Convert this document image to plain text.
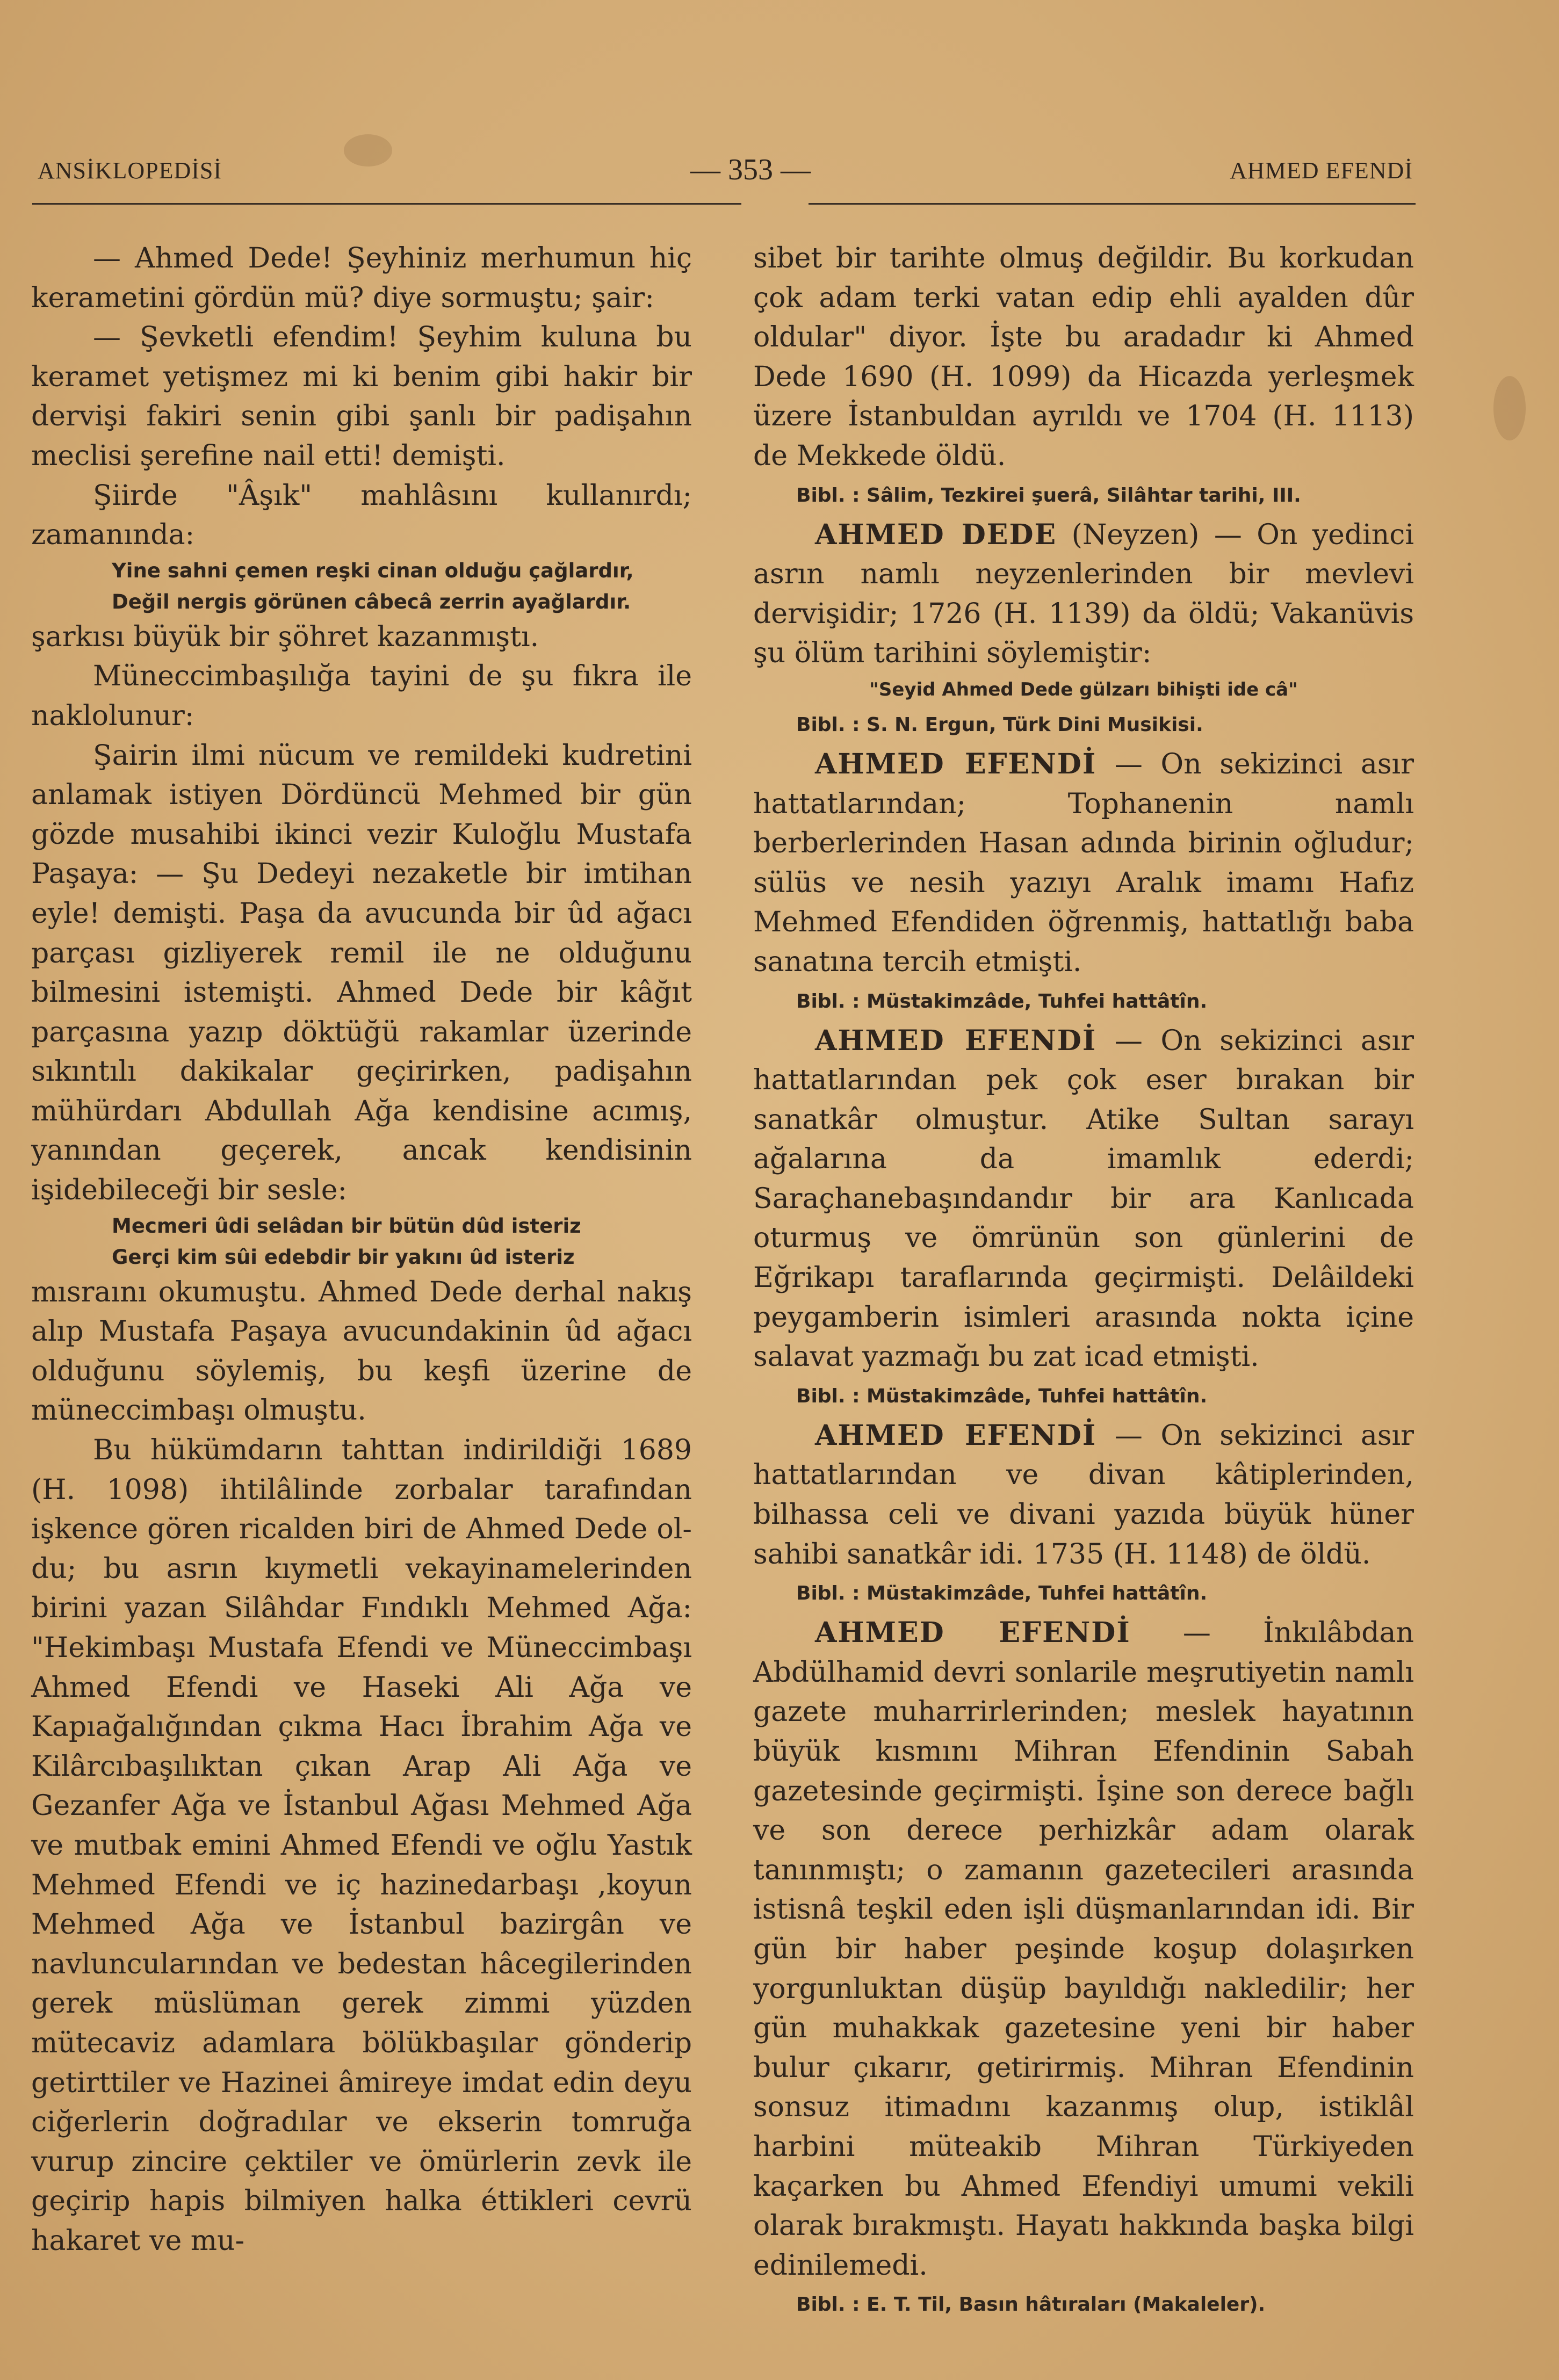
ANSİKLOPEDİSİ	— 353 —	AHMED EFENDİ

— Ahmed Dede! Şeyhiniz merhumun hiç kerametini gördün mü? diye sormuştu; şair:

— Şevketli efendim! Şeyhim kuluna bu keramet yetişmez mi ki benim gibi hakir bir dervişi fakiri senin gibi şanlı bir padişahın meclisi şerefine nail etti! demişti.

Şiirde "Âşık" mahlâsını kullanırdı; zamanında:

Yine sahni çemen reşki cinan olduğu çağlardır,
Değil nergis görünen câbecâ zerrin ayağlardır.

şarkısı büyük bir şöhret kazanmıştı.

Müneccimbaşılığa tayini de şu fıkra ile naklolunur:

Şairin ilmi nücum ve remildeki kudretini anlamak istiyen Dördüncü Mehmed bir gün gözde musahibi ikinci vezir Kuloğlu Mustafa Paşaya: — Şu Dedeyi nezaketle bir imtihan eyle! demişti. Paşa da avucunda bir ûd ağacı parçası gizliyerek remil ile ne olduğunu bilmesini istemişti. Ahmed Dede bir kâğıt parçasına yazıp döktüğü rakamlar üzerinde sıkıntılı dakikalar geçirirken, padişahın mühürdarı Abdullah Ağa kendisine acımış, yanından geçerek, ancak kendisinin işidebileceği bir sesle:

Mecmeri ûdi selâdan bir bütün dûd isteriz
Gerçi kim sûi edebdir bir yakını ûd isteriz

mısraını okumuştu. Ahmed Dede derhal nakış alıp Mustafa Paşaya avucundakinin ûd ağacı olduğunu söylemiş, bu keşfi üzerine de müneccimbaşı olmuştu.

Bu hükümdarın tahttan indirildiği 1689 (H. 1098) ihtilâlinde zorbalar tarafından işkence gören ricalden biri de Ahmed Dede ol-du; bu asrın kıymetli vekayinamelerinden birini yazan Silâhdar Fındıklı Mehmed Ağa: "Hekimbaşı Mustafa Efendi ve Müneccimbaşı Ahmed Efendi ve Haseki Ali Ağa ve Kapıağalığından çıkma Hacı İbrahim Ağa ve Kilârcıbaşılıktan çıkan Arap Ali Ağa ve Gezanfer Ağa ve İstanbul Ağası Mehmed Ağa ve mutbak emini Ahmed Efendi ve oğlu Yastık Mehmed Efendi ve iç hazinedarbaşı ,koyun Mehmed Ağa ve İstanbul bazirgân ve navluncularından ve bedestan hâcegilerinden gerek müslüman gerek zimmi yüzden mütecaviz adamlara bölükbaşılar gönderip getirttiler ve Hazinei âmireye imdat edin deyu ciğerlerin doğradılar ve ekserin tomruğa vurup zincire çektiler ve ömürlerin zevk ile geçirip hapis bilmiyen halka éttikleri cevrü hakaret ve mu-

sibet bir tarihte olmuş değildir. Bu korkudan çok adam terki vatan edip ehli ayalden dûr oldular" diyor. İşte bu aradadır ki Ahmed Dede 1690 (H. 1099) da Hicazda yerleşmek üzere İstanbuldan ayrıldı ve 1704 (H. 1113) de Mekkede öldü.

Bibl. : Sâlim, Tezkirei şuerâ, Silâhtar tarihi, III.

AHMED DEDE (Neyzen) — On yedinci asrın namlı neyzenlerinden bir mevlevi dervişidir; 1726 (H. 1139) da öldü; Vakanüvis şu ölüm tarihini söylemiştir:

"Seyid Ahmed Dede gülzarı bihişti ide câ"
Bibl. : S. N. Ergun, Türk Dini Musikisi.

AHMED EFENDİ — On sekizinci asır hattatlarından; Tophanenin namlı berberlerinden Hasan adında birinin oğludur; sülüs ve nesih yazıyı Aralık imamı Hafız Mehmed Efendiden öğrenmiş, hattatlığı baba sanatına tercih etmişti.

Bibl. : Müstakimzâde, Tuhfei hattâtîn.

AHMED EFENDİ — On sekizinci asır hattatlarından pek çok eser bırakan bir sanatkâr olmuştur. Atike Sultan sarayı ağalarına da imamlık ederdi; Saraçhanebaşındandır bir ara Kanlıcada oturmuş ve ömrünün son günlerini de Eğrikapı taraflarında geçirmişti. Delâildeki peygamberin isimleri arasında nokta içine salavat yazmağı bu zat icad etmişti.

Bibl. : Müstakimzâde, Tuhfei hattâtîn.

AHMED EFENDİ — On sekizinci asır hattatlarından ve divan kâtiplerinden, bilhassa celi ve divani yazıda büyük hüner sahibi sanatkâr idi. 1735 (H. 1148) de öldü.

Bibl. : Müstakimzâde, Tuhfei hattâtîn.

AHMED EFENDİ — İnkılâbdan Abdülhamid devri sonlarile meşrutiyetin namlı gazete muharrirlerinden; meslek hayatının büyük kısmını Mihran Efendinin Sabah gazetesinde geçirmişti. İşine son derece bağlı ve son derece perhizkâr adam olarak tanınmıştı; o zamanın gazetecileri arasında istisnâ teşkil eden işli düşmanlarından idi. Bir gün bir haber peşinde koşup dolaşırken yorgunluktan düşüp bayıldığı nakledilir; her gün muhakkak gazetesine yeni bir haber bulur çıkarır, getirirmiş. Mihran Efendinin sonsuz itimadını kazanmış olup, istiklâl harbini müteakib Mihran Türkiyeden kaçarken bu Ahmed Efendiyi umumi vekili olarak bırakmıştı. Hayatı hakkında başka bilgi edinilemedi.

Bibl. : E. T. Til, Basın hâtıraları (Makaleler).
